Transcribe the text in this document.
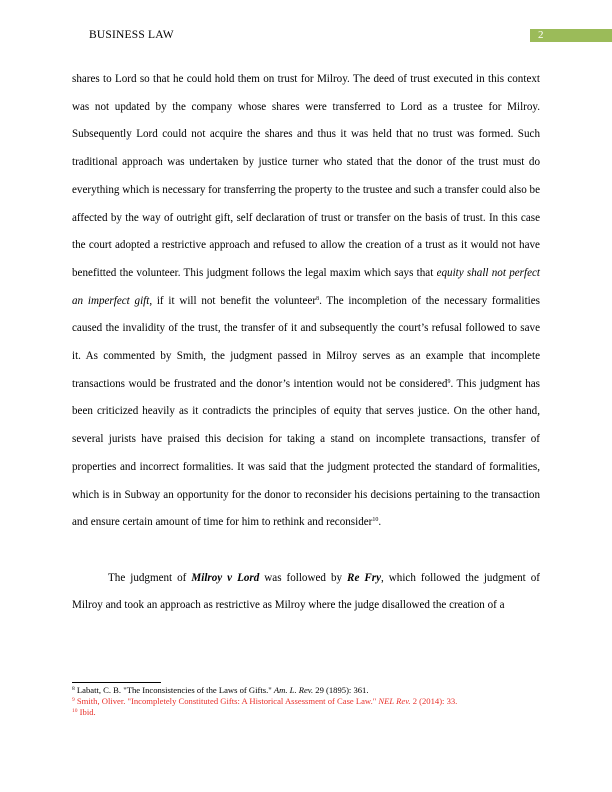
BUSINESS LAW	2

shares to Lord so that he could hold them on trust for Milroy. The deed of trust executed in this context was not updated by the company whose shares were transferred to Lord as a trustee for Milroy. Subsequently Lord could not acquire the shares and thus it was held that no trust was formed. Such traditional approach was undertaken by justice turner who stated that the donor of the trust must do everything which is necessary for transferring the property to the trustee and such a transfer could also be affected by the way of outright gift, self declaration of trust or transfer on the basis of trust. In this case the court adopted a restrictive approach and refused to allow the creation of a trust as it would not have benefitted the volunteer. This judgment follows the legal maxim which says that equity shall not perfect an imperfect gift, if it will not benefit the volunteer$^8$. The incompletion of the necessary formalities caused the invalidity of the trust, the transfer of it and subsequently the court’s refusal followed to save it. As commented by Smith, the judgment passed in Milroy serves as an example that incomplete transactions would be frustrated and the donor’s intention would not be considered$^9$. This judgment has been criticized heavily as it contradicts the principles of equity that serves justice. On the other hand, several jurists have praised this decision for taking a stand on incomplete transactions, transfer of properties and incorrect formalities. It was said that the judgment protected the standard of formalities, which is in Subway an opportunity for the donor to reconsider his decisions pertaining to the transaction and ensure certain amount of time for him to rethink and reconsider$^{10}$.

The judgment of Milroy v Lord was followed by Re Fry, which followed the judgment of Milroy and took an approach as restrictive as Milroy where the judge disallowed the creation of a

$^8$ Labatt, C. B. "The Inconsistencies of the Laws of Gifts." Am. L. Rev. 29 (1895): 361.
$^9$ Smith, Oliver. "Incompletely Constituted Gifts: A Historical Assessment of Case Law." NEL Rev. 2 (2014): 33.
$^{10}$ Ibid.
